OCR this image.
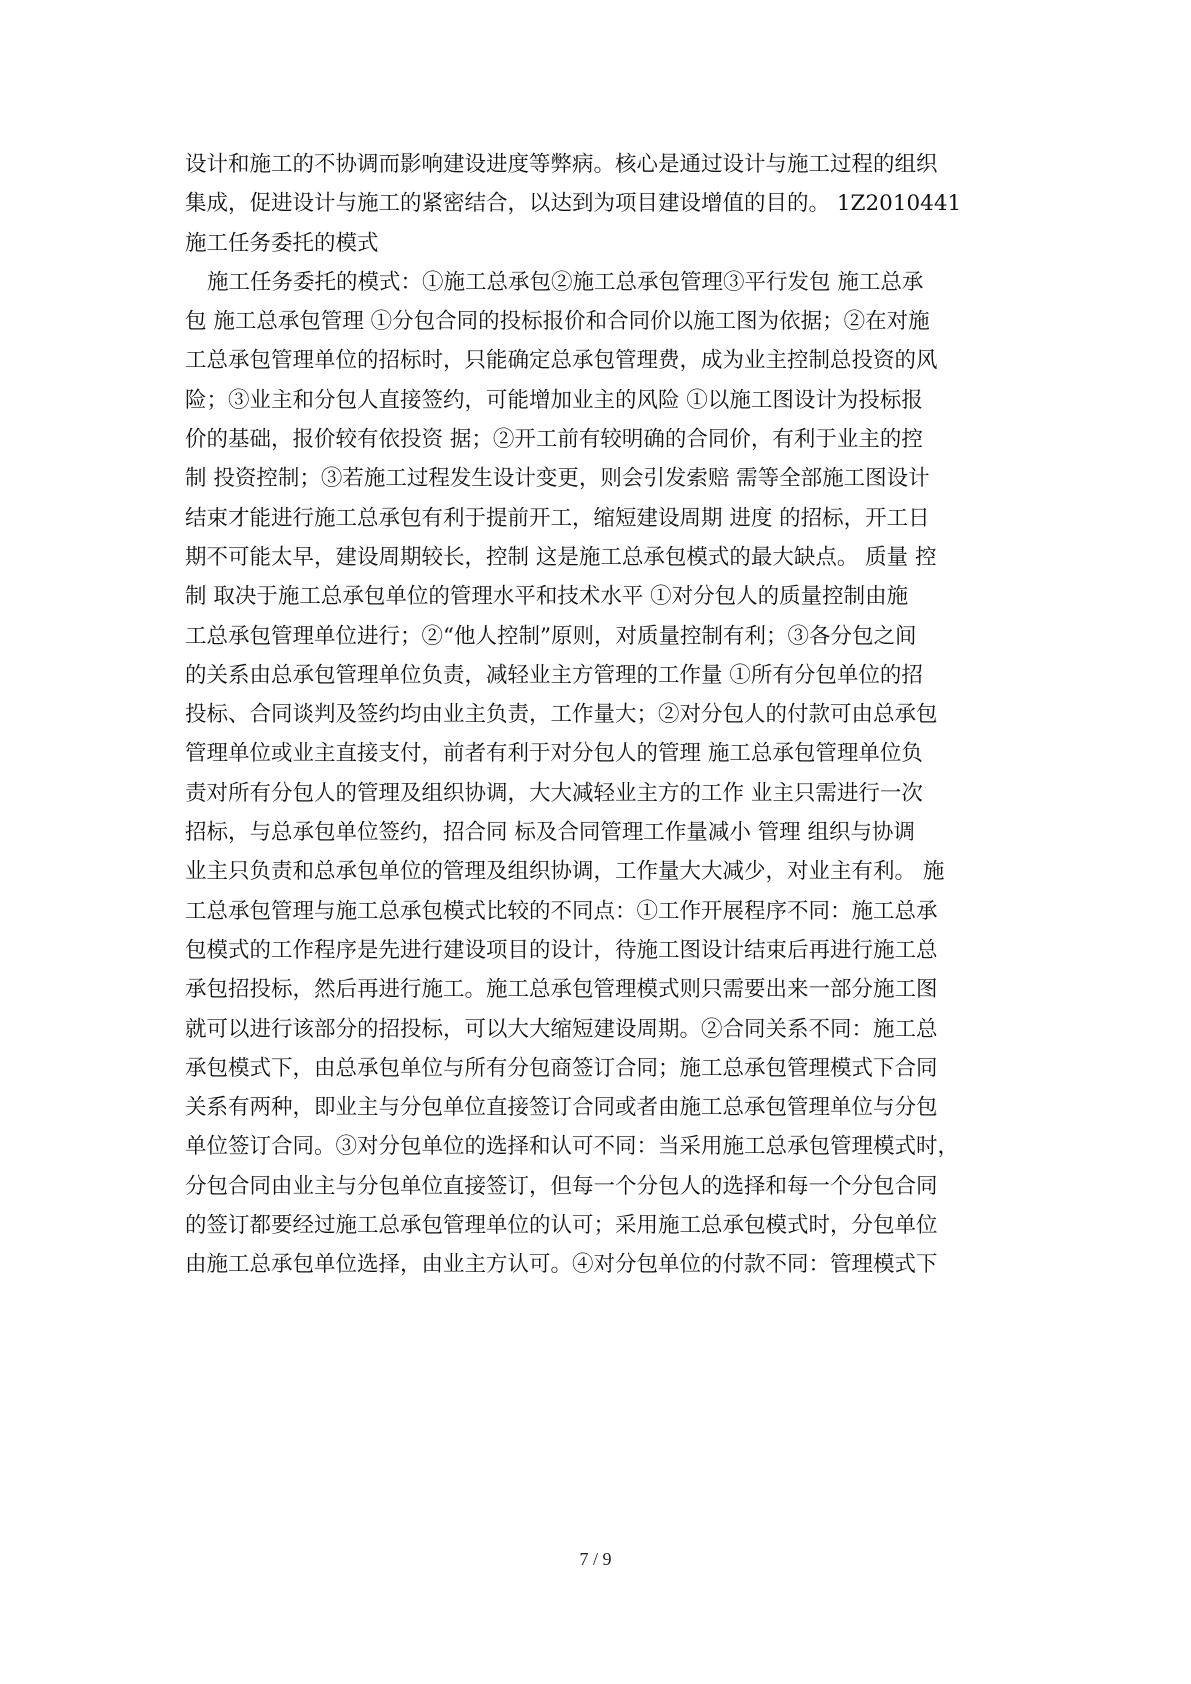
设计和施工的不协调而影响建设进度等弊病。核心是通过设计与施工过程的组织
集成，促进设计与施工的紧密结合，以达到为项目建设增值的目的。 1Z2010441
施工任务委托的模式
施工任务委托的模式：①施工总承包②施工总承包管理③平行发包 施工总承
包 施工总承包管理 ①分包合同的投标报价和合同价以施工图为依据；②在对施
工总承包管理单位的招标时，只能确定总承包管理费，成为业主控制总投资的风
险；③业主和分包人直接签约，可能增加业主的风险 ①以施工图设计为投标报
价的基础，报价较有依投资 据；②开工前有较明确的合同价，有利于业主的控
制 投资控制；③若施工过程发生设计变更，则会引发索赔 需等全部施工图设计
结束才能进行施工总承包有利于提前开工，缩短建设周期 进度 的招标，开工日
期不可能太早，建设周期较长，控制 这是施工总承包模式的最大缺点。 质量 控
制 取决于施工总承包单位的管理水平和技术水平 ①对分包人的质量控制由施
工总承包管理单位进行；②“他人控制”原则，对质量控制有利；③各分包之间
的关系由总承包管理单位负责，减轻业主方管理的工作量 ①所有分包单位的招
投标、合同谈判及签约均由业主负责，工作量大；②对分包人的付款可由总承包
管理单位或业主直接支付，前者有利于对分包人的管理 施工总承包管理单位负
责对所有分包人的管理及组织协调，大大减轻业主方的工作 业主只需进行一次
招标，与总承包单位签约，招合同 标及合同管理工作量减小 管理 组织与协调
业主只负责和总承包单位的管理及组织协调，工作量大大减少，对业主有利。 施
工总承包管理与施工总承包模式比较的不同点：①工作开展程序不同：施工总承
包模式的工作程序是先进行建设项目的设计，待施工图设计结束后再进行施工总
承包招投标，然后再进行施工。施工总承包管理模式则只需要出来一部分施工图
就可以进行该部分的招投标，可以大大缩短建设周期。②合同关系不同：施工总
承包模式下，由总承包单位与所有分包商签订合同；施工总承包管理模式下合同
关系有两种，即业主与分包单位直接签订合同或者由施工总承包管理单位与分包
单位签订合同。③对分包单位的选择和认可不同：当采用施工总承包管理模式时，
分包合同由业主与分包单位直接签订，但每一个分包人的选择和每一个分包合同
的签订都要经过施工总承包管理单位的认可；采用施工总承包模式时，分包单位
由施工总承包单位选择，由业主方认可。④对分包单位的付款不同：管理模式下
7 / 9
